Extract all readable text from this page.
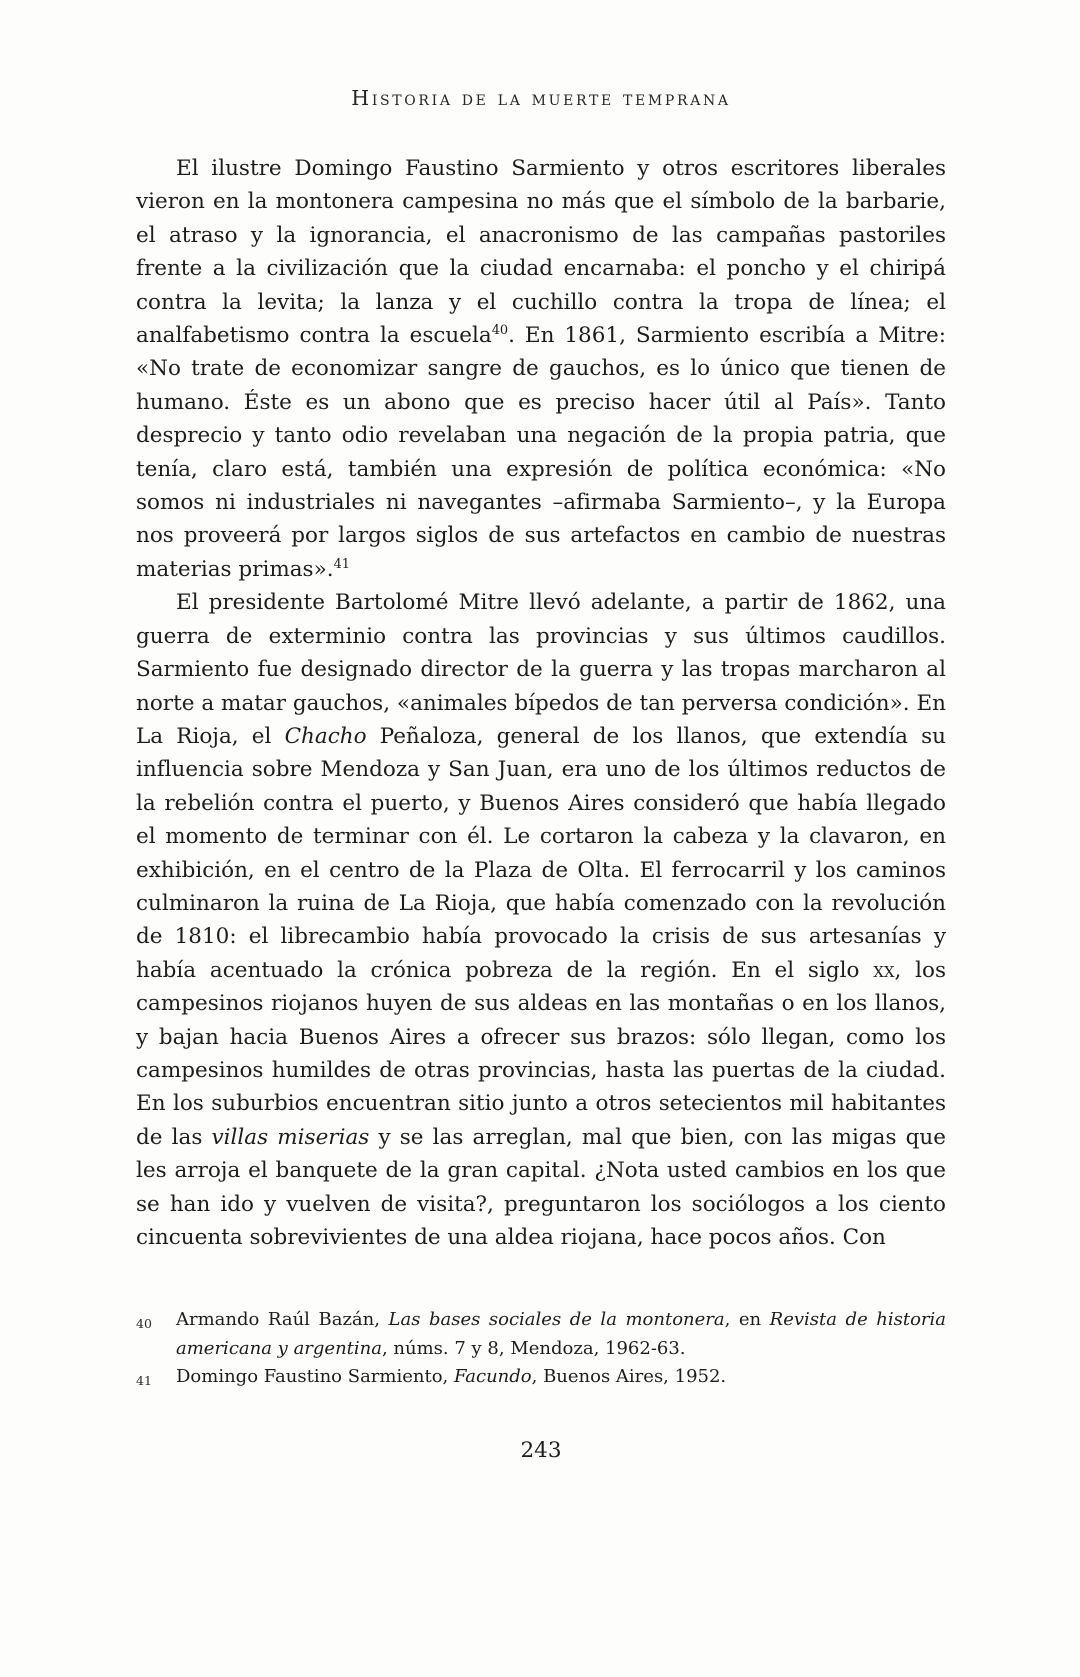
Historia de la muerte temprana

El ilustre Domingo Faustino Sarmiento y otros escritores liberales vieron en la montonera campesina no más que el símbolo de la barbarie, el atraso y la ignorancia, el anacronismo de las campañas pastoriles frente a la civilización que la ciudad encarnaba: el poncho y el chiripá contra la levita; la lanza y el cuchillo contra la tropa de línea; el analfabetismo contra la escuela$^{40}$. En 1861, Sarmiento escribía a Mitre: «No trate de economizar sangre de gauchos, es lo único que tienen de humano. Éste es un abono que es preciso hacer útil al País». Tanto desprecio y tanto odio revelaban una negación de la propia patria, que tenía, claro está, también una expresión de política económica: «No somos ni industriales ni navegantes –afirmaba Sarmiento–, y la Europa nos proveerá por largos siglos de sus artefactos en cambio de nuestras materias primas».$^{41}$

El presidente Bartolomé Mitre llevó adelante, a partir de 1862, una guerra de exterminio contra las provincias y sus últimos caudillos. Sarmiento fue designado director de la guerra y las tropas marcharon al norte a matar gauchos, «animales bípedos de tan perversa condición». En La Rioja, el Chacho Peñaloza, general de los llanos, que extendía su influencia sobre Mendoza y San Juan, era uno de los últimos reductos de la rebelión contra el puerto, y Buenos Aires consideró que había llegado el momento de terminar con él. Le cortaron la cabeza y la clavaron, en exhibición, en el centro de la Plaza de Olta. El ferrocarril y los caminos culminaron la ruina de La Rioja, que había comenzado con la revolución de 1810: el librecambio había provocado la crisis de sus artesanías y había acentuado la crónica pobreza de la región. En el siglo xx, los campesinos riojanos huyen de sus aldeas en las montañas o en los llanos, y bajan hacia Buenos Aires a ofrecer sus brazos: sólo llegan, como los campesinos humildes de otras provincias, hasta las puertas de la ciudad. En los suburbios encuentran sitio junto a otros setecientos mil habitantes de las villas miserias y se las arreglan, mal que bien, con las migas que les arroja el banquete de la gran capital. ¿Nota usted cambios en los que se han ido y vuelven de visita?, preguntaron los sociólogos a los ciento cincuenta sobrevivientes de una aldea riojana, hace pocos años. Con

40	Armando Raúl Bazán, Las bases sociales de la montonera, en Revista de historia americana y argentina, núms. 7 y 8, Mendoza, 1962-63.
41	Domingo Faustino Sarmiento, Facundo, Buenos Aires, 1952.
243
